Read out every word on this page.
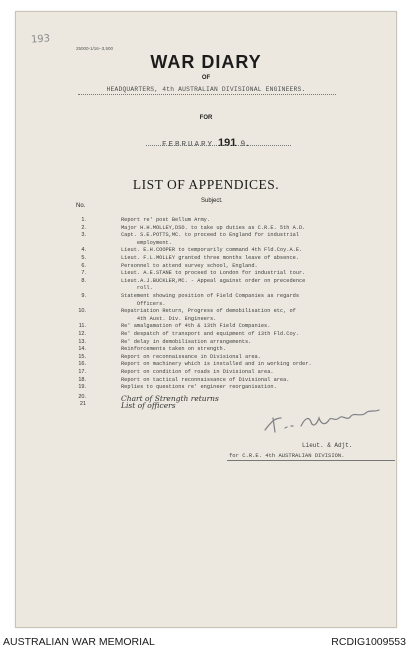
193
25000-1/16--3,500
WAR DIARY
OF
HEADQUARTERS, 4th AUSTRALIAN DIVISIONAL ENGINEERS.
FOR
FEBRUARY 191 9.
LIST OF APPENDICES.
No.
Subject.
1.	Report re' post Bellum Army.
2.	Major H.H.MOLLEY,DSO. to take up duties as C.R.E. 5th A.D.
3.	Capt. S.E.POTTS,MC. to proceed to England for industrial
employment.
4.	Lieut. E.H.COOPER to temporarily command 4th Fld.Coy.A.E.
5.	Lieut. F.L.MOLLEY granted three months leave of absence.
6.	Personnel to attend survey school, England.
7.	Lieut. A.E.STANE to proceed to London for industrial tour.
8.	Lieut.A.J.BUCKLER,MC. - Appeal against order on precedence
roll.
9.	Statement showing position of Field Companies as regards
Officers.
10.	Repatriation Return, Progress of demobilisation etc, of
4th Aust. Div. Engineers.
11.	Re' amalgamation of 4th & 13th Field Companies.
12.	Re' despatch of transport and equipment of 13th Fld.Coy.
13.	Re' delay in demobilisation arrangements.
14.	Reinforcements taken on strength.
15.	Report on reconnaissance in Divisional area.
16.	Report on machinery which is installed and in working order.
17.	Report on condition of roads in Divisional area.
18.	Report on tactical reconnaissance of Divisional area.
19.	Replies to questions re' engineer reorganisation.
20.	Chart of Strength returns
21	List of officers
Lieut. & Adjt.
for C.R.E. 4th AUSTRALIAN DIVISION.
AUSTRALIAN WAR MEMORIAL	RCDIG1009553
